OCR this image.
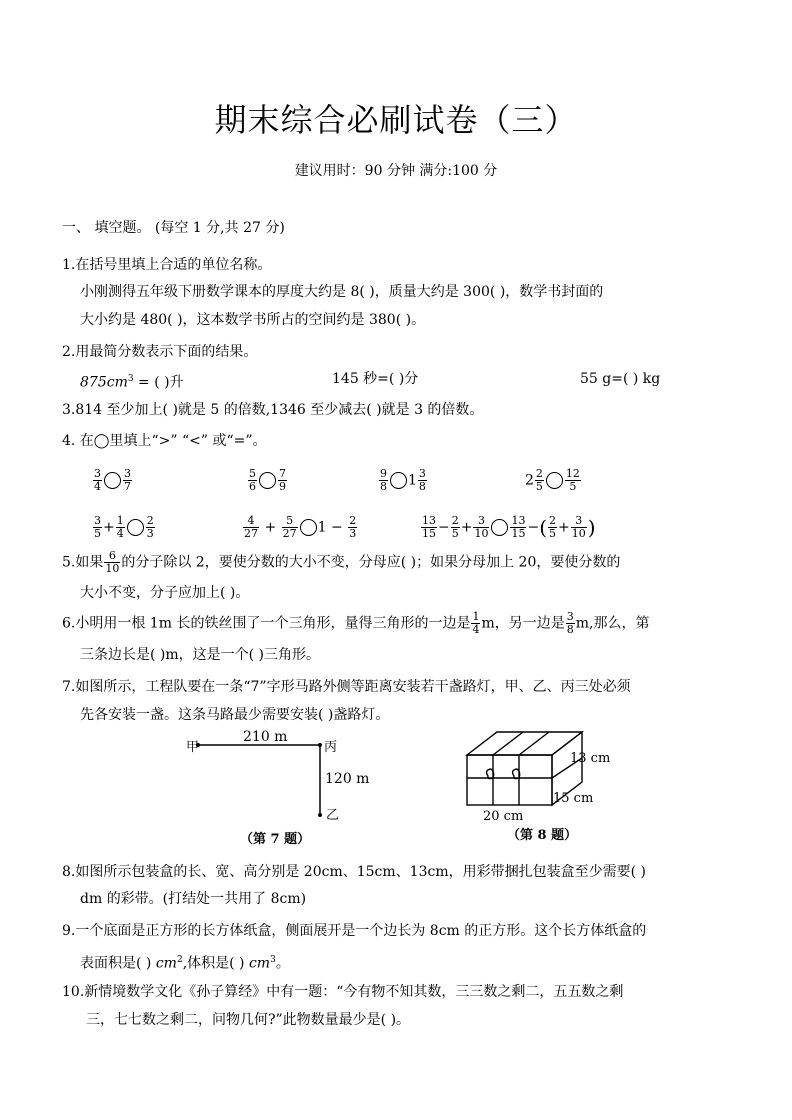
期末综合必刷试卷（三）
建议用时：90 分钟 满分:100 分
一、 填空题。 (每空 1 分,共 27 分)
1.在括号里填上合适的单位名称。
小刚测得五年级下册数学课本的厚度大约是 8( )，质量大约是 300( )，数学书封面的
大小约是 480( )，这本数学书所占的空间约是 380( )。
2.用最简分数表示下面的结果。
$875cm^3$ = ( )升	145 秒=( )分	55 g=( ) kg
3.814 至少加上( )就是 5 的倍数,1346 至少减去( )就是 3 的倍数。
4. 在◯里填上“>” “<” 或“=”。
$\frac{3}{4} \frac{3}{7}$	$\frac{5}{6} \frac{7}{9}$	$\frac{9}{8} 1 \frac{3}{8}$	$2 \frac{2}{5} \frac{12}{5}$
$\frac{3}{5} + \frac{1}{4} \frac{2}{3}$	$\frac{4}{27} + \frac{5}{27} 1 - \frac{2}{3}$	$\frac{13}{15} - \frac{2}{5} + \frac{3}{10} \frac{13}{15}$ −( $\frac{2}{5} + \frac{3}{10}$ )
5.如果 $\frac{6}{10}$ 的分子除以 2，要使分数的大小不变，分母应( )；如果分母加上 20，要使分数的
大小不变，分子应加上( )。
6.小明用一根 1m 长的铁丝围了一个三角形，量得三角形的一边是 $\frac{1}{4}$ m，另一边是 $\frac{3}{8} m$,那么，第
三条边长是( )m，这是一个( )三角形。
7.如图所示，工程队要在一条“7”字形马路外侧等距离安装若干盏路灯，甲、乙、丙三处必须
先各安装一盏。这条马路最少需要安装( )盏路灯。
甲	丙
乙
210 m
120 m
（第 7 题）
13 cm
15 cm
20 cm
（第 8 题）
8.如图所示包装盒的长、宽、高分别是 20cm、15cm、13cm，用彩带捆扎包装盒至少需要( )
dm 的彩带。(打结处一共用了 8cm)
9.一个底面是正方形的长方体纸盒，侧面展开是一个边长为 8cm 的正方形。这个长方体纸盒的
表面积是( ) $cm^2$,体积是( ) $cm^3$。
10.新情境数学文化《孙子算经》中有一题：“今有物不知其数，三三数之剩二，五五数之剩
三，七七数之剩二，问物几何?”此物数量最少是( )。
